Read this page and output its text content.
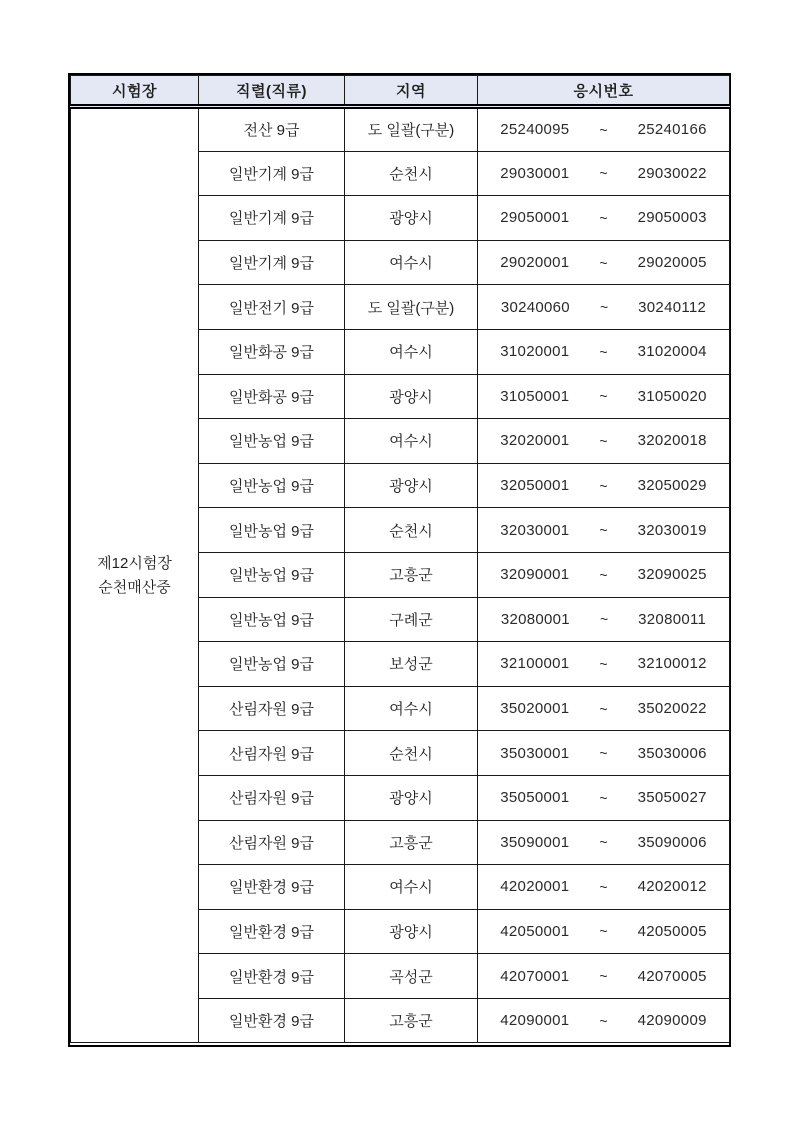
시험장	직렬(직류)	지역	응시번호

제12시험장
순천매산중
	전산 9급	도 일괄(구분)	25240095 ~ 25240166

	일반기계 9급	순천시	29030001 ~ 29030022

	일반기계 9급	광양시	29050001 ~ 29050003

	일반기계 9급	여수시	29020001 ~ 29020005

	일반전기 9급	도 일괄(구분)	30240060 ~ 30240112

	일반화공 9급	여수시	31020001 ~ 31020004

	일반화공 9급	광양시	31050001 ~ 31050020

	일반농업 9급	여수시	32020001 ~ 32020018

	일반농업 9급	광양시	32050001 ~ 32050029

	일반농업 9급	순천시	32030001 ~ 32030019

	일반농업 9급	고흥군	32090001 ~ 32090025

	일반농업 9급	구례군	32080001 ~ 32080011

	일반농업 9급	보성군	32100001 ~ 32100012

	산림자원 9급	여수시	35020001 ~ 35020022

	산림자원 9급	순천시	35030001 ~ 35030006

	산림자원 9급	광양시	35050001 ~ 35050027

	산림자원 9급	고흥군	35090001 ~ 35090006

	일반환경 9급	여수시	42020001 ~ 42020012

	일반환경 9급	광양시	42050001 ~ 42050005

	일반환경 9급	곡성군	42070001 ~ 42070005

	일반환경 9급	고흥군	42090001 ~ 42090009
